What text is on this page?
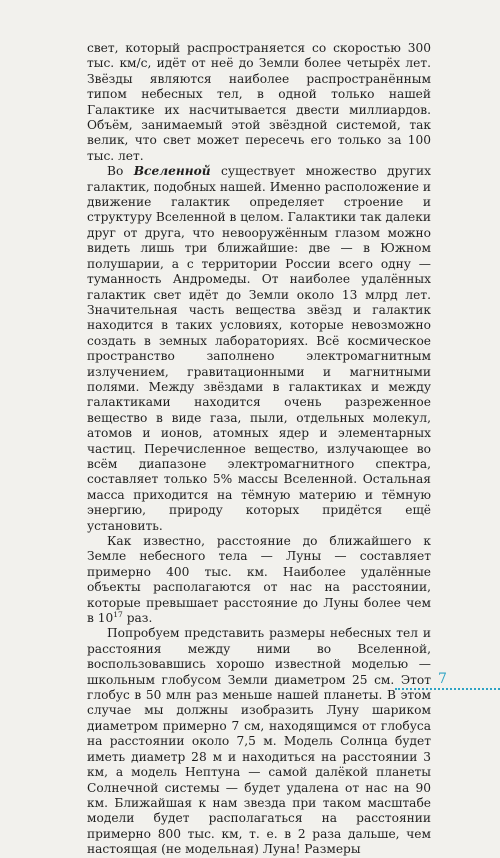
свет, который распространяется со скоростью 300 тыс. км/с, идёт от неё до Земли более четырёх лет. Звёзды являются наиболее распространённым типом небесных тел, в одной только нашей Галактике их насчитывается двести миллиардов. Объём, занимаемый этой звёздной системой, так велик, что свет может пересечь его только за 100 тыс. лет.

Во Вселенной существует множество других галактик, подобных нашей. Именно расположение и движение галактик определяет строение и структуру Вселенной в целом. Галактики так далеки друг от друга, что невооружённым глазом можно видеть лишь три ближайшие: две — в Южном полушарии, а с территории России всего одну — туманность Андромеды. От наиболее удалённых галактик свет идёт до Земли около 13 млрд лет. Значительная часть вещества звёзд и галактик находится в таких условиях, которые невозможно создать в земных лабораториях. Всё космическое пространство заполнено электромагнитным излучением, гравитационными и магнитными полями. Между звёздами в галактиках и между галактиками находится очень разреженное вещество в виде газа, пыли, отдельных молекул, атомов и ионов, атомных ядер и элементарных частиц. Перечисленное вещество, излучающее во всём диапазоне электромагнитного спектра, составляет только 5% массы Вселенной. Остальная масса приходится на тёмную материю и тёмную энергию, природу которых придётся ещё установить.

Как известно, расстояние до ближайшего к Земле небесного тела — Луны — составляет примерно 400 тыс. км. Наиболее удалённые объекты располагаются от нас на расстоянии, которые превышает расстояние до Луны более чем в $10^{17}$ раз.

Попробуем представить размеры небесных тел и расстояния между ними во Вселенной, воспользовавшись хорошо известной моделью — школьным глобусом Земли диаметром 25 см. Этот глобус в 50 млн раз меньше нашей планеты. В этом случае мы должны изобразить Луну шариком диаметром примерно 7 см, находящимся от глобуса на расстоянии около 7,5 м. Модель Солнца будет иметь диаметр 28 м и находиться на расстоянии 3 км, а модель Нептуна — самой далёкой планеты Солнечной системы — будет удалена от нас на 90 км. Ближайшая к нам звезда при таком масштабе модели будет располагаться на расстоянии примерно 800 тыс. км, т. е. в 2 раза дальше, чем настоящая (не модельная) Луна! Размеры

7
